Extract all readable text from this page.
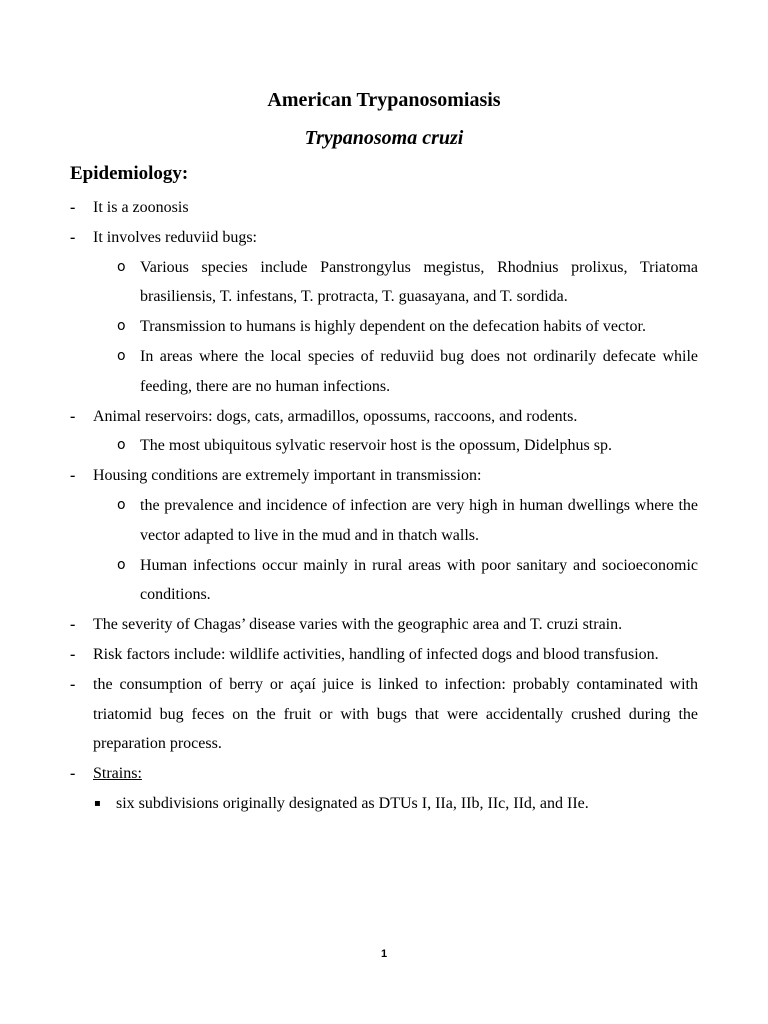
American Trypanosomiasis
Trypanosoma cruzi
Epidemiology:
- It is a zoonosis
- It involves reduviid bugs:
o Various species include Panstrongylus megistus, Rhodnius prolixus, Triatoma brasiliensis, T. infestans, T. protracta, T. guasayana, and T. sordida.
o Transmission to humans is highly dependent on the defecation habits of vector.
o In areas where the local species of reduviid bug does not ordinarily defecate while feeding, there are no human infections.
- Animal reservoirs: dogs, cats, armadillos, opossums, raccoons, and rodents.
o The most ubiquitous sylvatic reservoir host is the opossum, Didelphus sp.
- Housing conditions are extremely important in transmission:
o the prevalence and incidence of infection are very high in human dwellings where the vector adapted to live in the mud and in thatch walls.
o Human infections occur mainly in rural areas with poor sanitary and socioeconomic conditions.
- The severity of Chagas’ disease varies with the geographic area and T. cruzi strain.
- Risk factors include: wildlife activities, handling of infected dogs and blood transfusion.
- the consumption of berry or açaí juice is linked to infection: probably contaminated with triatomid bug feces on the fruit or with bugs that were accidentally crushed during the preparation process.
- Strains:
▪ six subdivisions originally designated as DTUs I, IIa, IIb, IIc, IId, and IIe.
1
